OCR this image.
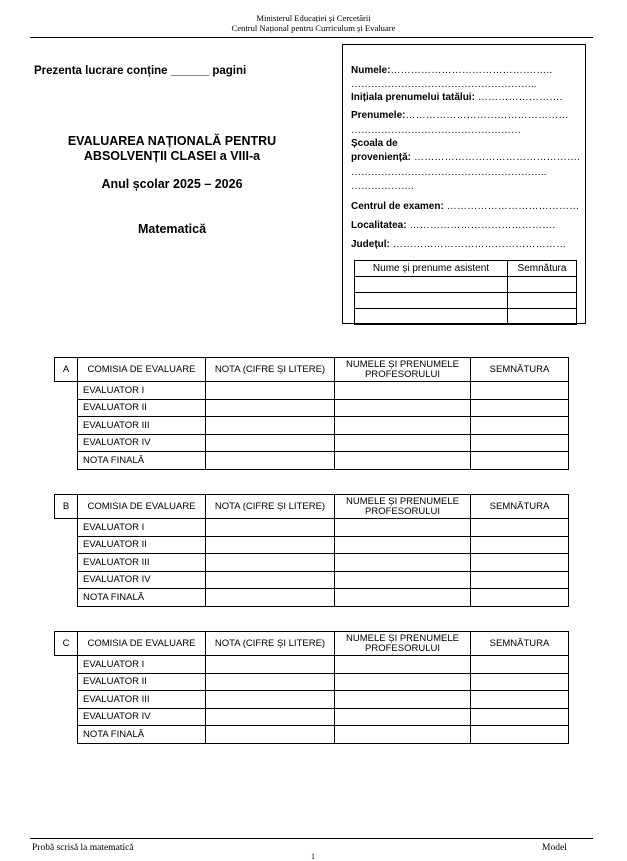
Ministerul Educației și Cercetării
Centrul Național pentru Curriculum și Evaluare
Prezenta lucrare conține ______ pagini
EVALUAREA NAȚIONALĂ PENTRU
ABSOLVENȚII CLASEI a VIII-a
Anul școlar 2025 – 2026
Matematică
Numele:…………………………………….…..
………………………………………………..
Inițiala prenumelui tatălui: …………………….
Prenumele:…………………………………………
……………………………………………
Școala de
proveniență: ………………………………………….
…………………………………………………..
……………….
Centrul de examen: …………………………………
Localitatea: …………………………………….
Județul: ……………………………………………
Nume și prenume asistent	Semnătura

A	COMISIA DE EVALUARE	NOTA (CIFRE ȘI LITERE)	NUMELE ȘI PRENUMELE PROFESORULUI	SEMNĂTURA
	EVALUATOR I			
	EVALUATOR II			
	EVALUATOR III			
	EVALUATOR IV			
	NOTA FINALĂ			
B	COMISIA DE EVALUARE	NOTA (CIFRE ȘI LITERE)	NUMELE ȘI PRENUMELE PROFESORULUI	SEMNĂTURA
	EVALUATOR I			
	EVALUATOR II			
	EVALUATOR III			
	EVALUATOR IV			
	NOTA FINALĂ			
C	COMISIA DE EVALUARE	NOTA (CIFRE ȘI LITERE)	NUMELE ȘI PRENUMELE PROFESORULUI	SEMNĂTURA
	EVALUATOR I			
	EVALUATOR II			
	EVALUATOR III			
	EVALUATOR IV			
	NOTA FINALĂ			
Probă scrisă la matematică	Model
1
